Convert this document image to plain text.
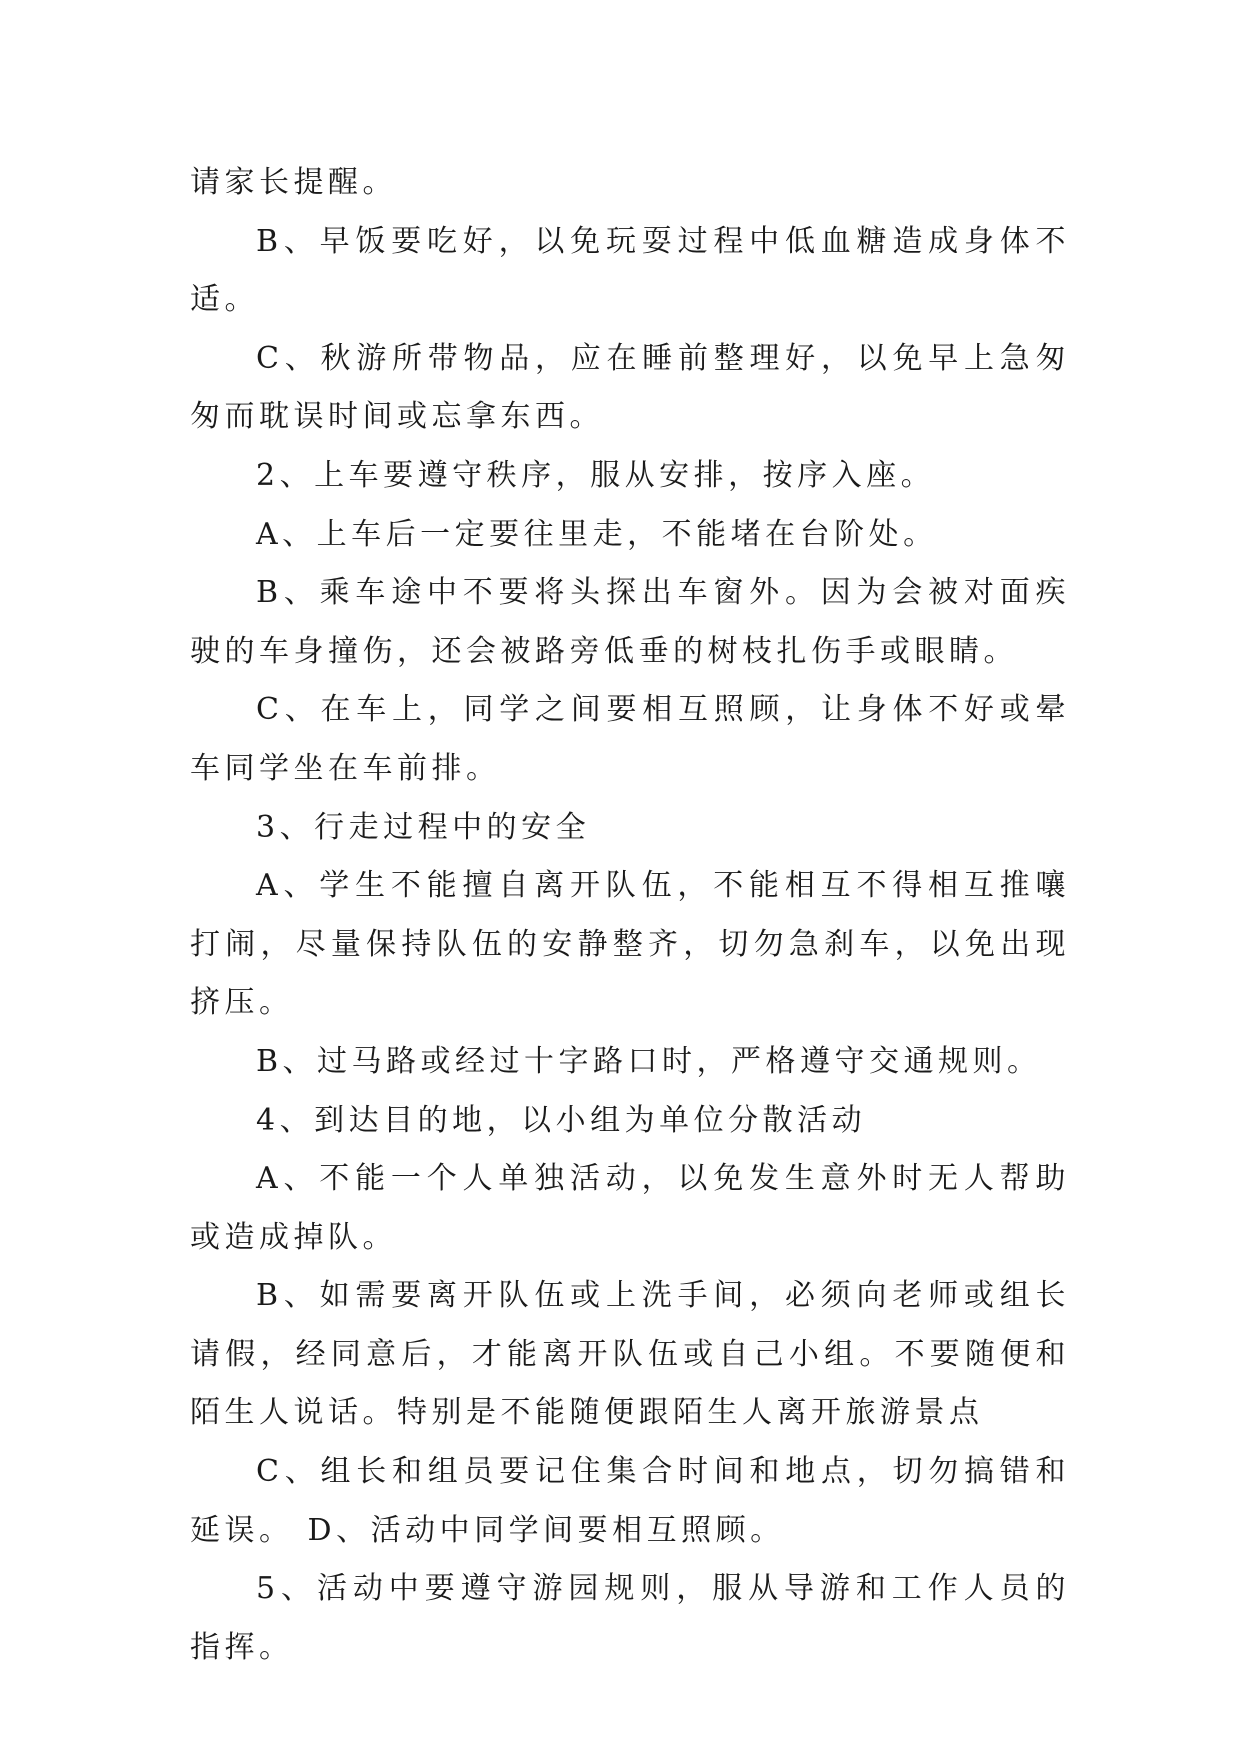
请家长提醒。

B、早饭要吃好，以免玩耍过程中低血糖造成身体不适。

C、秋游所带物品，应在睡前整理好，以免早上急匆匆而耽误时间或忘拿东西。

2、上车要遵守秩序，服从安排，按序入座。

A、上车后一定要往里走，不能堵在台阶处。

B、乘车途中不要将头探出车窗外。因为会被对面疾驶的车身撞伤，还会被路旁低垂的树枝扎伤手或眼睛。

C、在车上，同学之间要相互照顾，让身体不好或晕车同学坐在车前排。

3、行走过程中的安全

A、学生不能擅自离开队伍，不能相互不得相互推嚷打闹，尽量保持队伍的安静整齐，切勿急刹车，以免出现挤压。

B、过马路或经过十字路口时，严格遵守交通规则。

4、到达目的地，以小组为单位分散活动

A、不能一个人单独活动，以免发生意外时无人帮助或造成掉队。

B、如需要离开队伍或上洗手间，必须向老师或组长请假，经同意后，才能离开队伍或自己小组。不要随便和陌生人说话。特别是不能随便跟陌生人离开旅游景点

C、组长和组员要记住集合时间和地点，切勿搞错和延误。 D、活动中同学间要相互照顾。

5、活动中要遵守游园规则，服从导游和工作人员的指挥。
